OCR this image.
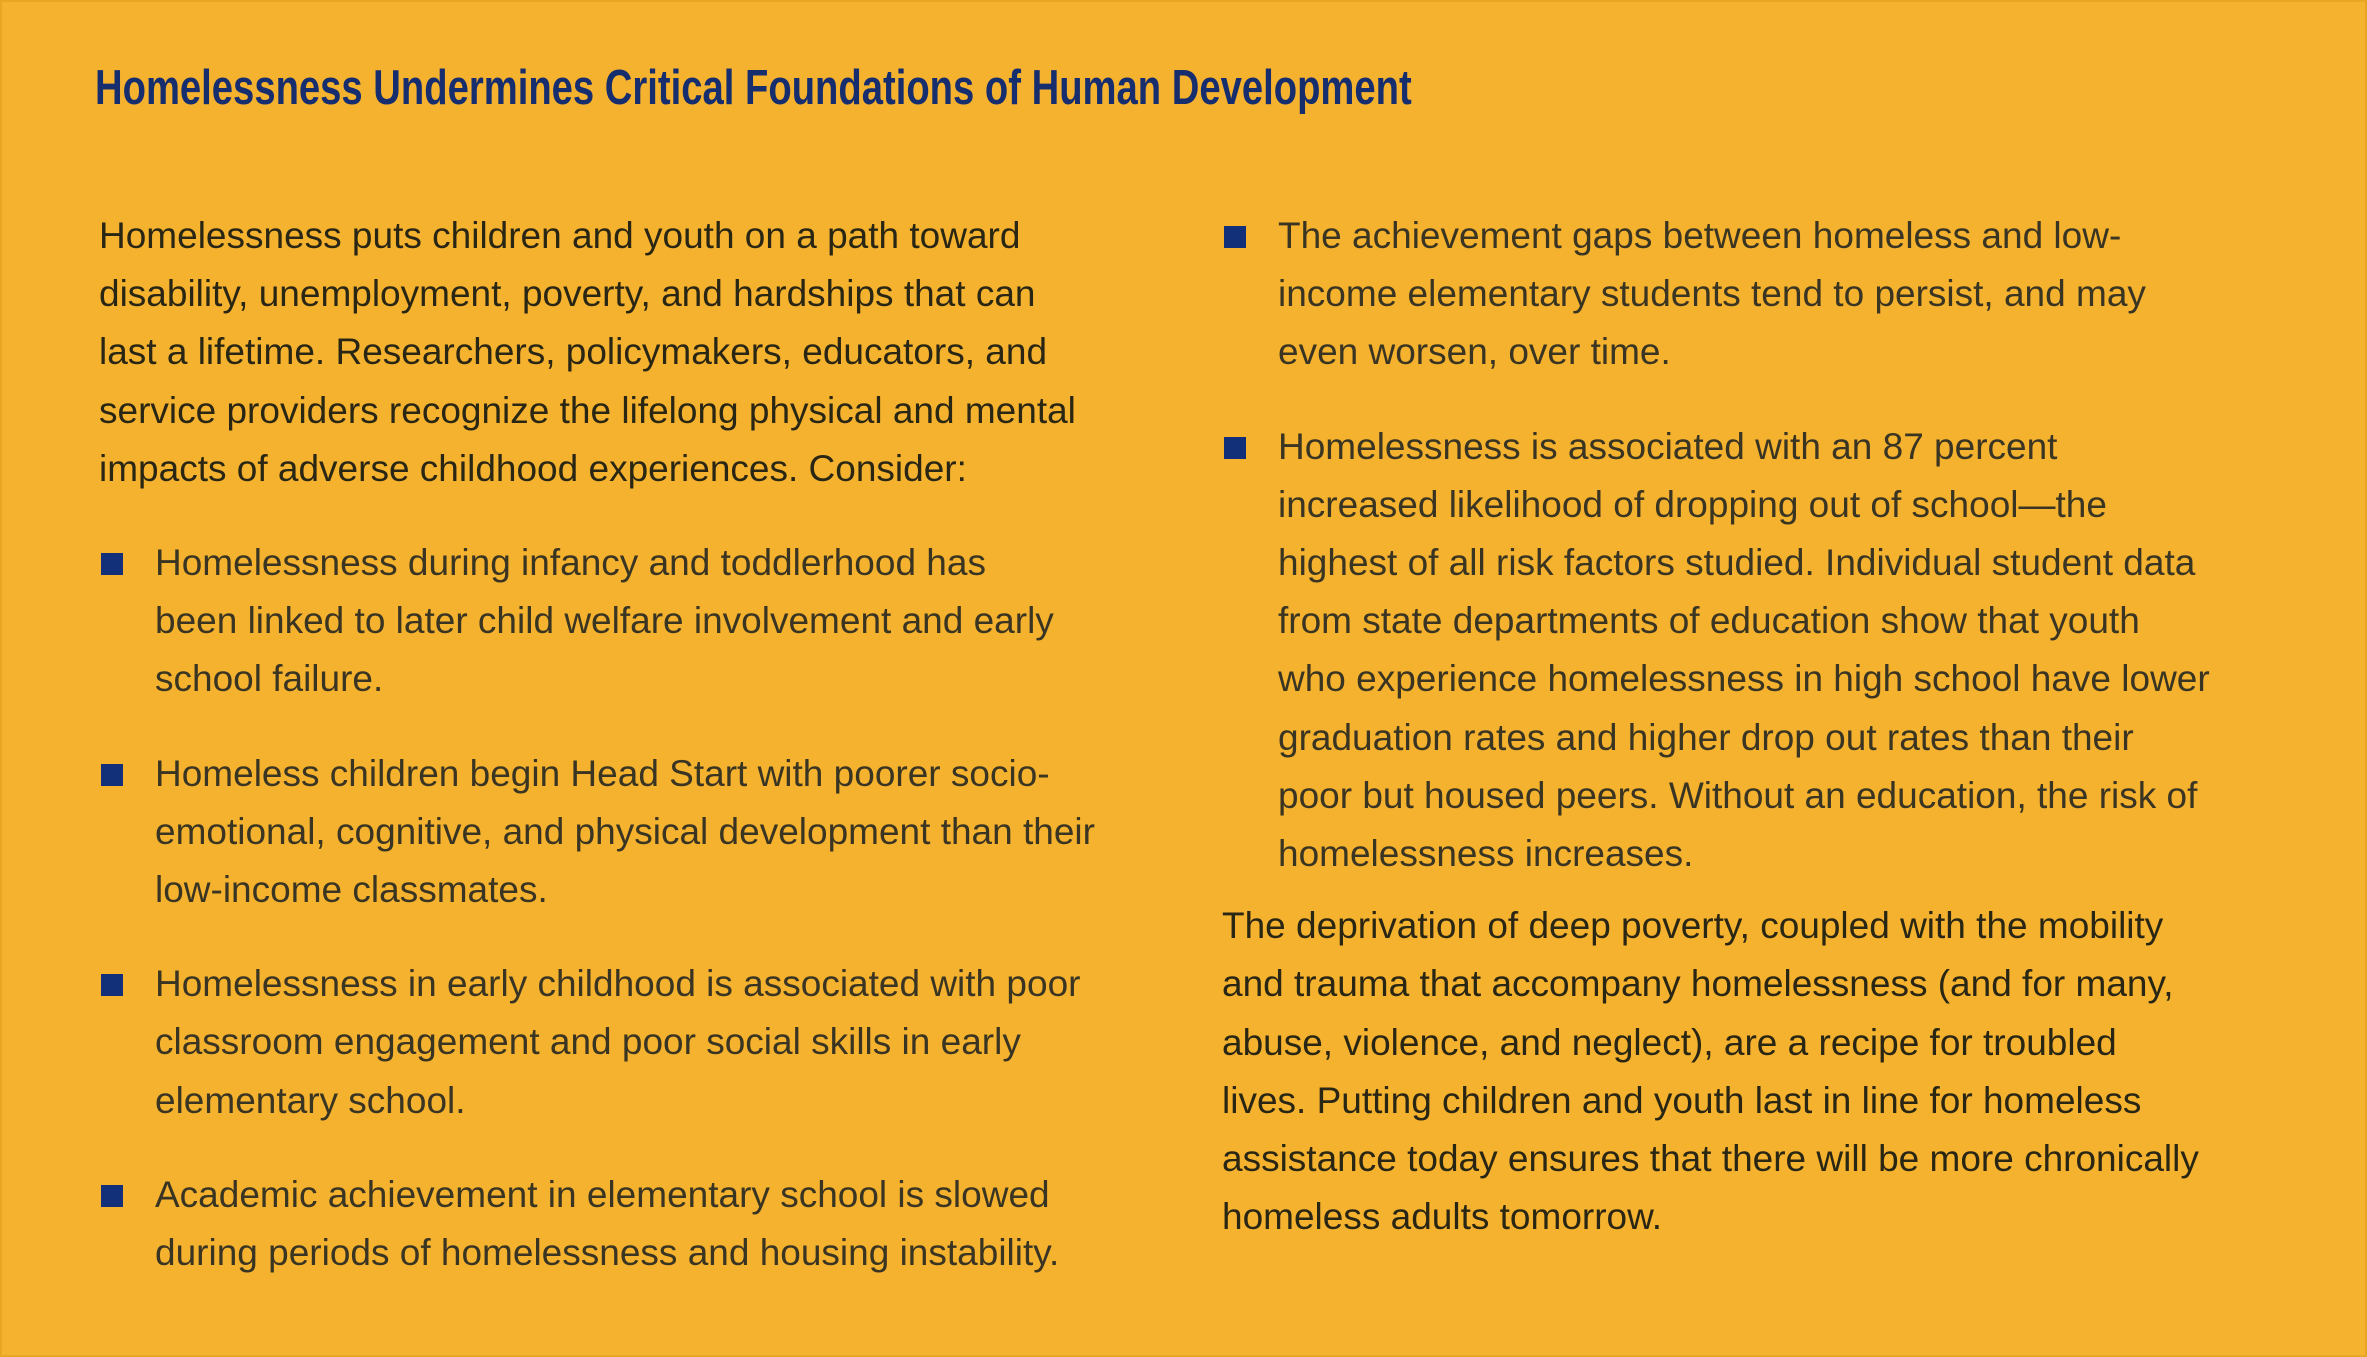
Homelessness Undermines Critical Foundations of Human Development

Homelessness puts children and youth on a path toward
disability, unemployment, poverty, and hardships that can
last a lifetime. Researchers, policymakers, educators, and
service providers recognize the lifelong physical and mental
impacts of adverse childhood experiences. Consider:

Homelessness during infancy and toddlerhood has
been linked to later child welfare involvement and early
school failure.
Homeless children begin Head Start with poorer socio-
emotional, cognitive, and physical development than their
low-income classmates.
Homelessness in early childhood is associated with poor
classroom engagement and poor social skills in early
elementary school.
Academic achievement in elementary school is slowed
during periods of homelessness and housing instability.
The achievement gaps between homeless and low-
income elementary students tend to persist, and may
even worsen, over time.
Homelessness is associated with an 87 percent
increased likelihood of dropping out of school—the
highest of all risk factors studied. Individual student data
from state departments of education show that youth
who experience homelessness in high school have lower
graduation rates and higher drop out rates than their
poor but housed peers. Without an education, the risk of
homelessness increases.

The deprivation of deep poverty, coupled with the mobility
and trauma that accompany homelessness (and for many,
abuse, violence, and neglect), are a recipe for troubled
lives. Putting children and youth last in line for homeless
assistance today ensures that there will be more chronically
homeless adults tomorrow.
